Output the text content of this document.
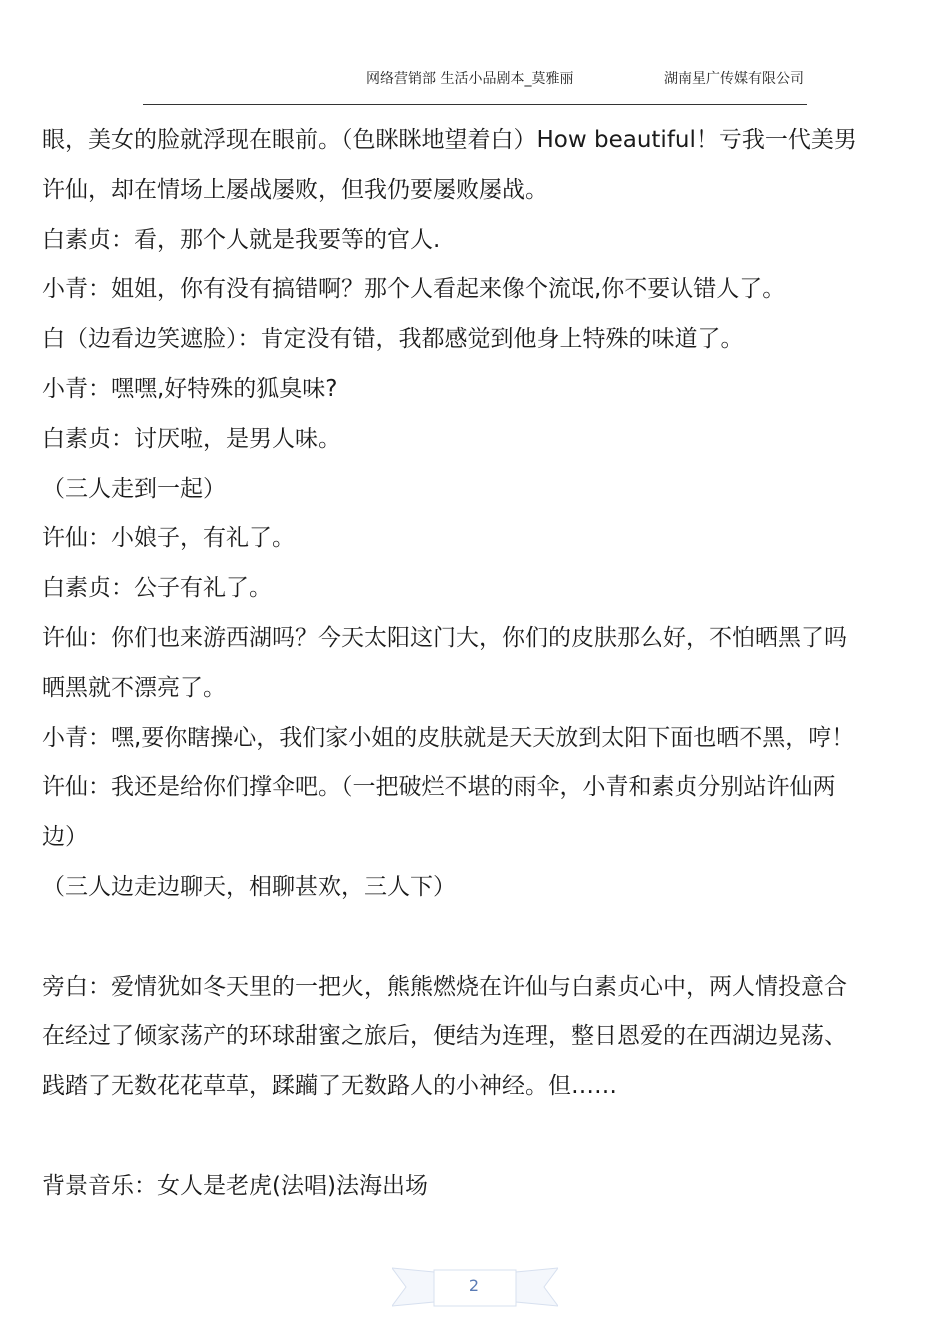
网络营销部 生活小品剧本_莫雅丽	湖南星广传媒有限公司

眼，美女的脸就浮现在眼前。（色眯眯地望着白）How beautiful！亏我一代美男

许仙，却在情场上屡战屡败，但我仍要屡败屡战。

白素贞：看，那个人就是我要等的官人.

小青：姐姐，你有没有搞错啊？那个人看起来像个流氓,你不要认错人了。

白（边看边笑遮脸）：肯定没有错，我都感觉到他身上特殊的味道了。

小青：嘿嘿,好特殊的狐臭味?

白素贞：讨厌啦，是男人味。

（三人走到一起）

许仙：小娘子，有礼了。

白素贞：公子有礼了。

许仙：你们也来游西湖吗？今天太阳这门大，你们的皮肤那么好，不怕晒黑了吗

晒黑就不漂亮了。

小青：嘿,要你瞎操心，我们家小姐的皮肤就是天天放到太阳下面也晒不黑，哼！

许仙：我还是给你们撑伞吧。（一把破烂不堪的雨伞，小青和素贞分别站许仙两

边）

（三人边走边聊天，相聊甚欢，三人下）

旁白：爱情犹如冬天里的一把火，熊熊燃烧在许仙与白素贞心中，两人情投意合

在经过了倾家荡产的环球甜蜜之旅后，便结为连理，整日恩爱的在西湖边晃荡、

践踏了无数花花草草，蹂躏了无数路人的小神经。但……

背景音乐：女人是老虎(法唱)法海出场

2
